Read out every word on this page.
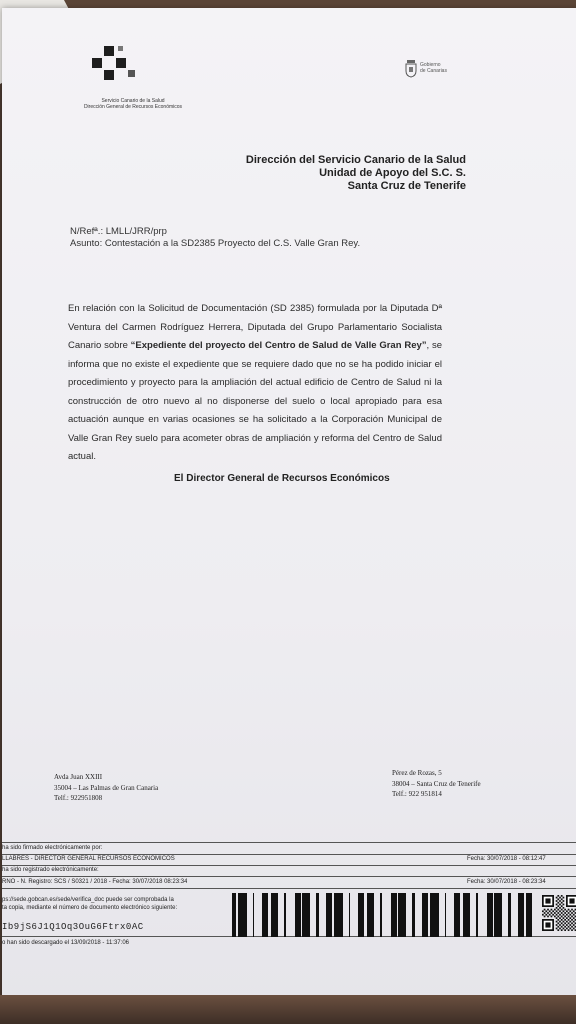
Servicio Canario de la Salud
Dirección General de Recursos Económicos
Gobierno
de Canarias
Dirección del Servicio Canario de la Salud
Unidad de Apoyo del S.C. S.
Santa Cruz de Tenerife
N/Refª.: LMLL/JRR/prp
Asunto: Contestación a la SD2385 Proyecto del C.S. Valle Gran Rey.
En relación con la Solicitud de Documentación (SD 2385) formulada por la Diputada Dª Ventura del Carmen Rodríguez Herrera, Diputada del Grupo Parlamentario Socialista Canario sobre “Expediente del proyecto del Centro de Salud de Valle Gran Rey”, se informa que no existe el expediente que se requiere dado que no se ha podido iniciar el procedimiento y proyecto para la ampliación del actual edificio de Centro de Salud ni la construcción de otro nuevo al no disponerse del suelo o local apropiado para esa actuación aunque en varias ocasiones se ha solicitado a la Corporación Municipal de Valle Gran Rey suelo para acometer obras de ampliación y reforma del Centro de Salud actual.
El Director General de Recursos Económicos
Avda Juan XXIII
35004 – Las Palmas de Gran Canaria
Telf.: 922951808
Pérez de Rozas, 5
38004 – Santa Cruz de Tenerife
Telf.: 922 951814
ha sido firmado electrónicamente por:
LLABRES - DIRECTOR GENERAL RECURSOS ECONOMICOS	Fecha: 30/07/2018 - 08:12:47
ha sido registrado electrónicamente:
RNO - N. Registro: SCS / S0321 / 2018 - Fecha: 30/07/2018 08:23:34	Fecha: 30/07/2018 - 08:23:34
ps://sede.gobcan.es/sede/verifica_doc puede ser comprobada la
ta copia, mediante el número de documento electrónico siguiente:
o han sido descargado el 13/09/2018 - 11:37:06
Ib9jS6J1Q1Oq3OuG6Ftrx0AC
